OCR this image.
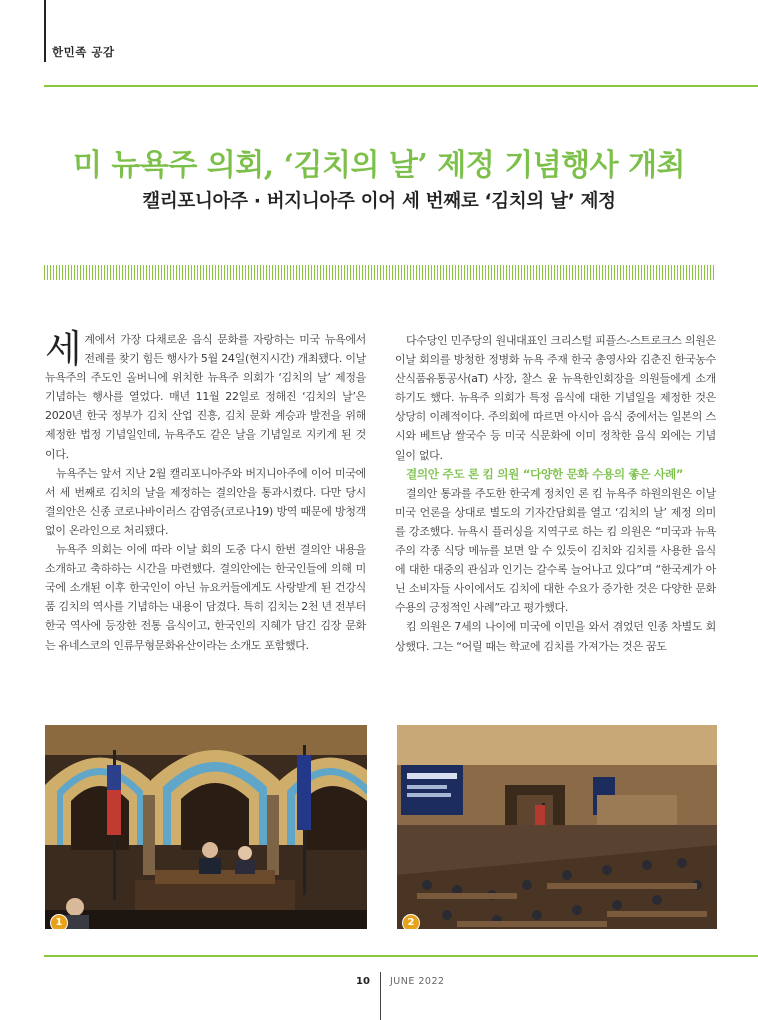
한민족 공감
미 뉴욕주 의회, ‘김치의 날’ 제정 기념행사 개최
캘리포니아주 · 버지니아주 이어 세 번째로 ‘김치의 날’ 제정

세계에서 가장 다채로운 음식 문화를 자랑하는 미국 뉴욕에서 전례를 찾기 힘든 행사가 5월 24일(현지시간) 개최됐다. 이날 뉴욕주의 주도인 올버니에 위치한 뉴욕주 의회가 ‘김치의 날’ 제정을 기념하는 행사를 열었다. 매년 11월 22일로 정해진 ‘김치의 날’은 2020년 한국 정부가 김치 산업 진흥, 김치 문화 계승과 발전을 위해 제정한 법정 기념일인데, 뉴욕주도 같은 날을 기념일로 지키게 된 것이다.

뉴욕주는 앞서 지난 2월 캘리포니아주와 버지니아주에 이어 미국에서 세 번째로 김치의 날을 제정하는 결의안을 통과시켰다. 다만 당시 결의안은 신종 코로나바이러스 감염증(코로나19) 방역 때문에 방청객 없이 온라인으로 처리됐다.

뉴욕주 의회는 이에 따라 이날 회의 도중 다시 한번 결의안 내용을 소개하고 축하하는 시간을 마련했다. 결의안에는 한국인들에 의해 미국에 소개된 이후 한국인이 아닌 뉴요커들에게도 사랑받게 된 건강식품 김치의 역사를 기념하는 내용이 담겼다. 특히 김치는 2천 년 전부터 한국 역사에 등장한 전통 음식이고, 한국인의 지혜가 담긴 김장 문화는 유네스코의 인류무형문화유산이라는 소개도 포함했다.

다수당인 민주당의 원내대표인 크리스털 피플스-스트로크스 의원은 이날 회의를 방청한 정병화 뉴욕 주재 한국 총영사와 김춘진 한국농수산식품유통공사(aT) 사장, 찰스 윤 뉴욕한인회장을 의원들에게 소개하기도 했다. 뉴욕주 의회가 특정 음식에 대한 기념일을 제정한 것은 상당히 이례적이다. 주의회에 따르면 아시아 음식 중에서는 일본의 스시와 베트남 쌀국수 등 미국 식문화에 이미 정착한 음식 외에는 기념일이 없다.

결의안 주도 론 킴 의원 “다양한 문화 수용의 좋은 사례”

결의안 통과를 주도한 한국계 정치인 론 킴 뉴욕주 하원의원은 이날 미국 언론을 상대로 별도의 기자간담회를 열고 ‘김치의 날’ 제정 의미를 강조했다. 뉴욕시 플러싱을 지역구로 하는 킴 의원은 “미국과 뉴욕주의 각종 식당 메뉴를 보면 알 수 있듯이 김치와 김치를 사용한 음식에 대한 대중의 관심과 인기는 갈수록 늘어나고 있다”며 “한국계가 아닌 소비자들 사이에서도 김치에 대한 수요가 증가한 것은 다양한 문화 수용의 긍정적인 사례”라고 평가했다.

킴 의원은 7세의 나이에 미국에 이민을 와서 겪었던 인종 차별도 회상했다. 그는 “어릴 때는 학교에 김치를 가져가는 것은 꿈도

1	2
10 JUNE 2022
